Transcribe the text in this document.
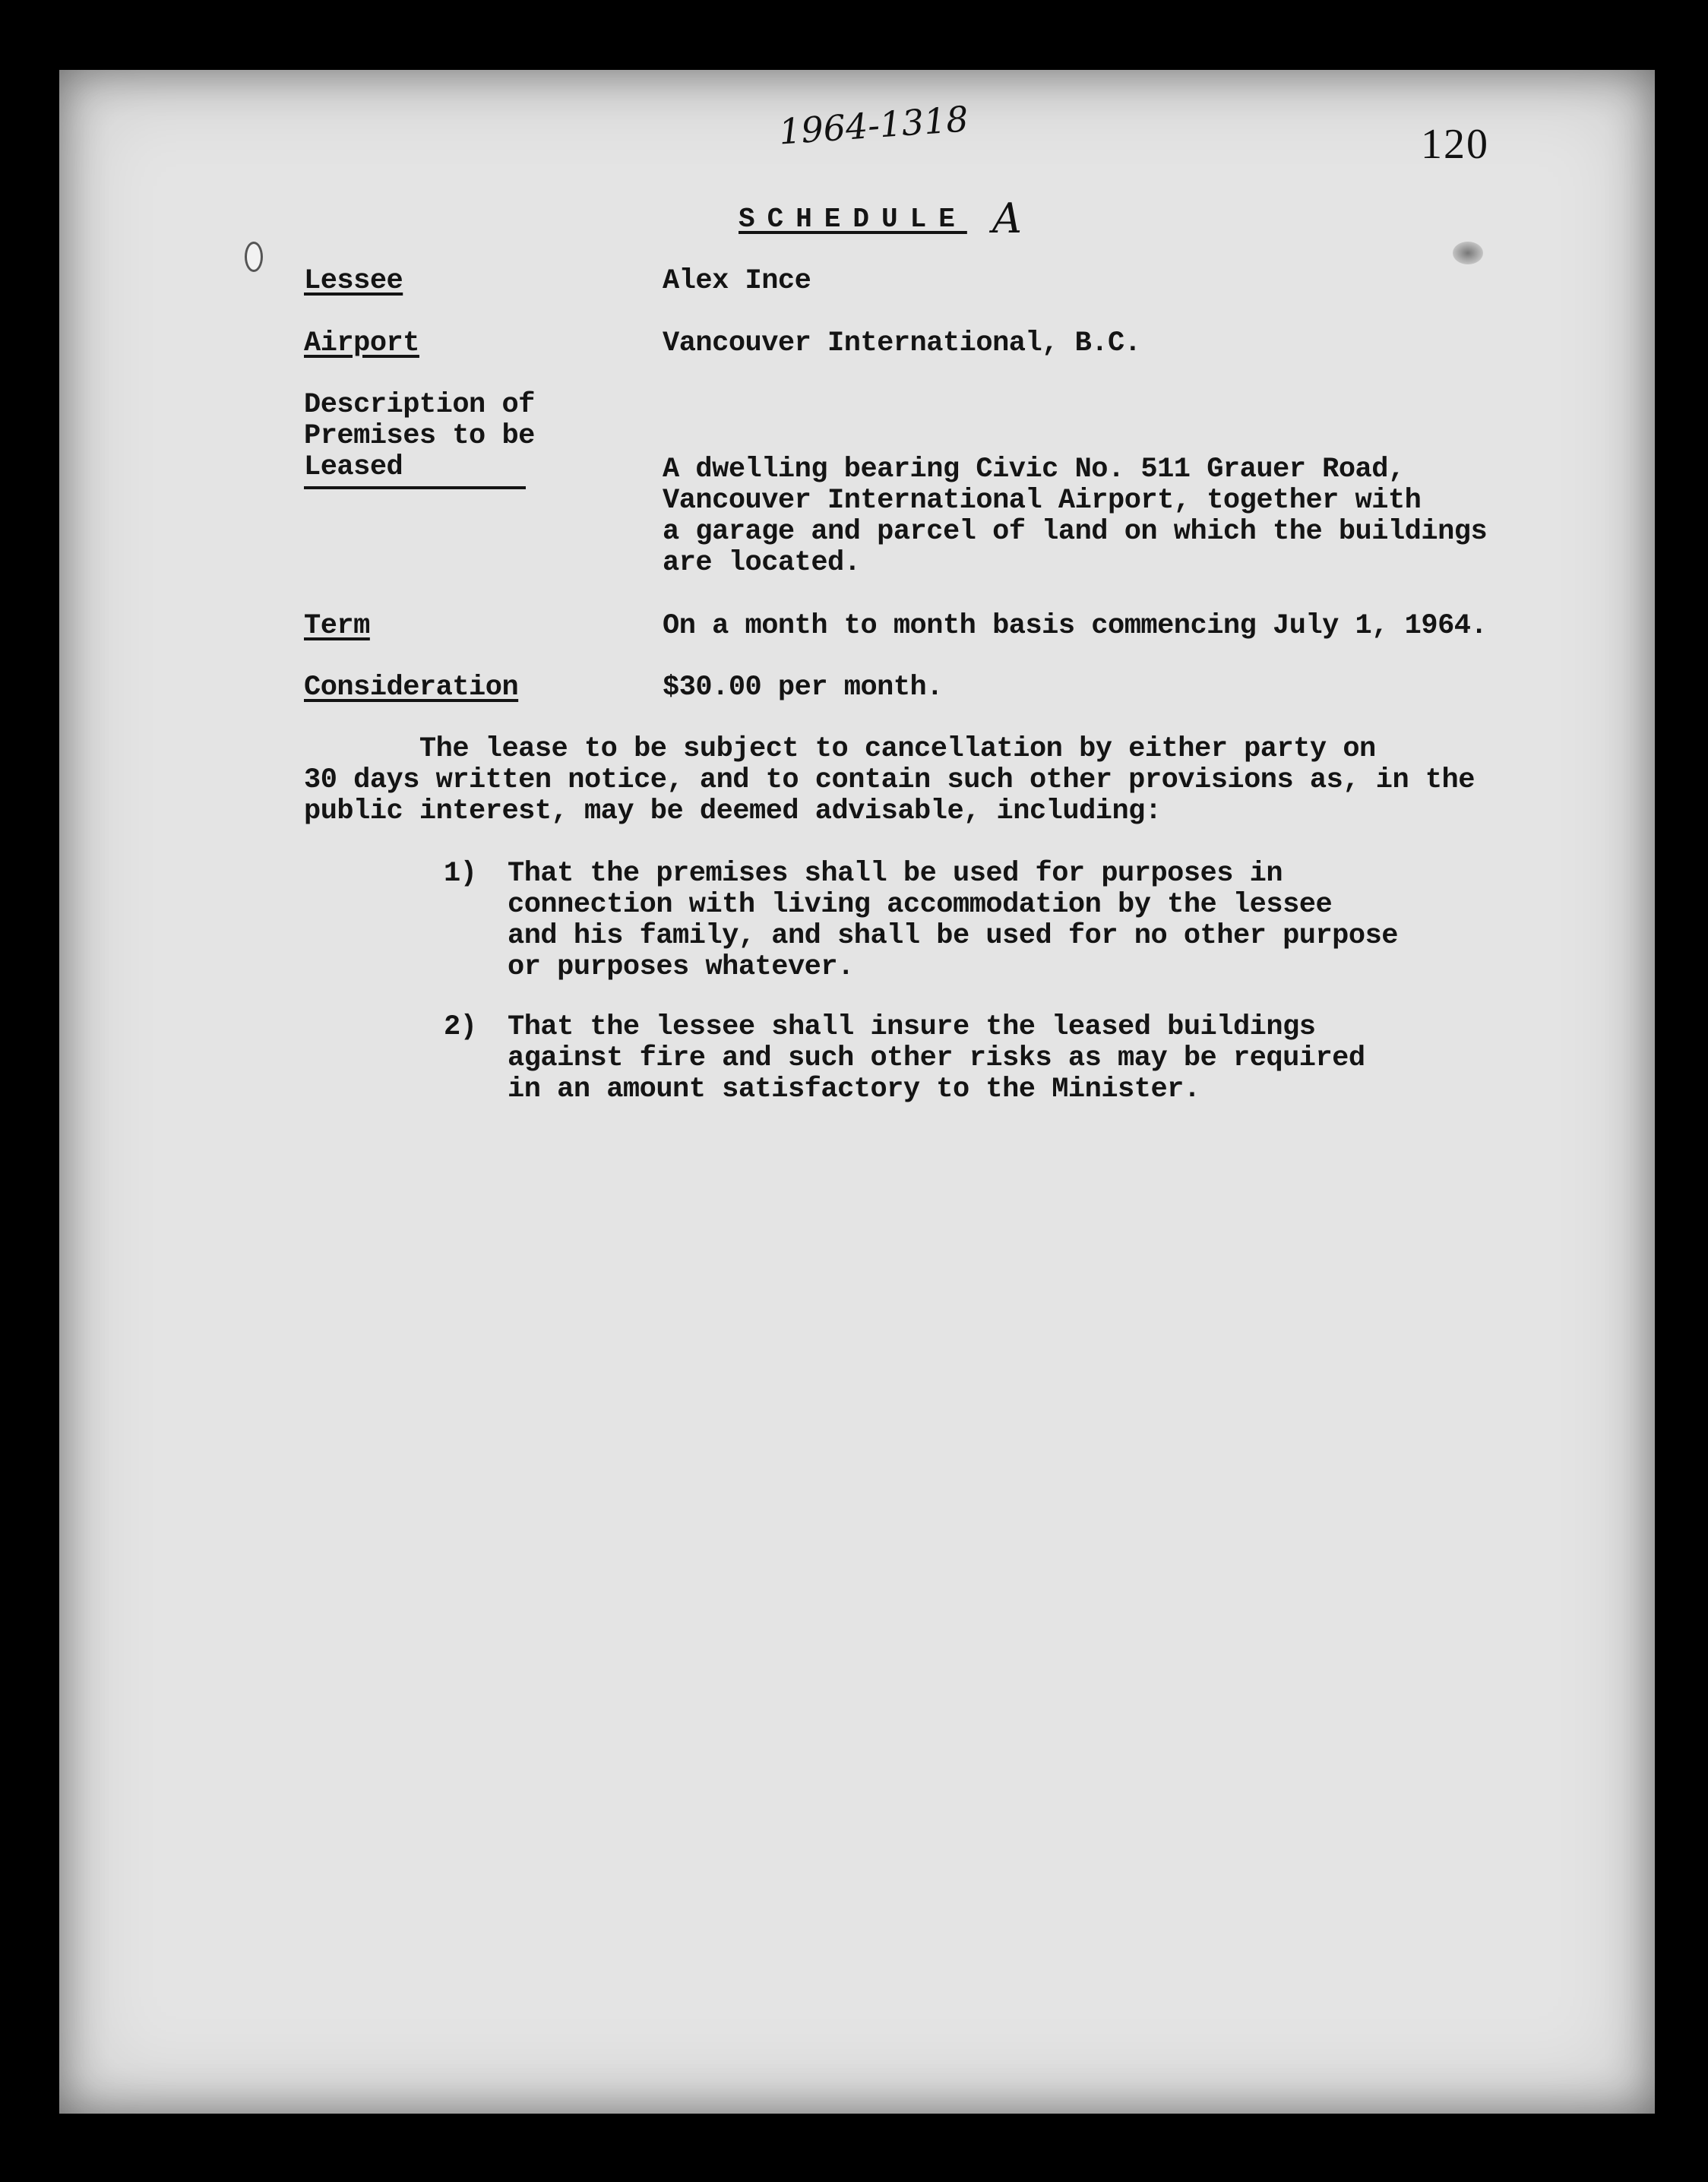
1964-1318	120
SCHEDULE A
Lessee	Alex Ince
Airport	Vancouver International, B.C.
Description of
Premises to be
Leased	A dwelling bearing Civic No. 511 Grauer Road,
Vancouver International Airport, together with
a garage and parcel of land on which the buildings
are located.
Term	On a month to month basis commencing July 1, 1964.
Consideration	$30.00 per month.
The lease to be subject to cancellation by either party on
30 days written notice, and to contain such other provisions as, in the
public interest, may be deemed advisable, including:
1) That the premises shall be used for purposes in
connection with living accommodation by the lessee
and his family, and shall be used for no other purpose
or purposes whatever.
2) That the lessee shall insure the leased buildings
against fire and such other risks as may be required
in an amount satisfactory to the Minister.
